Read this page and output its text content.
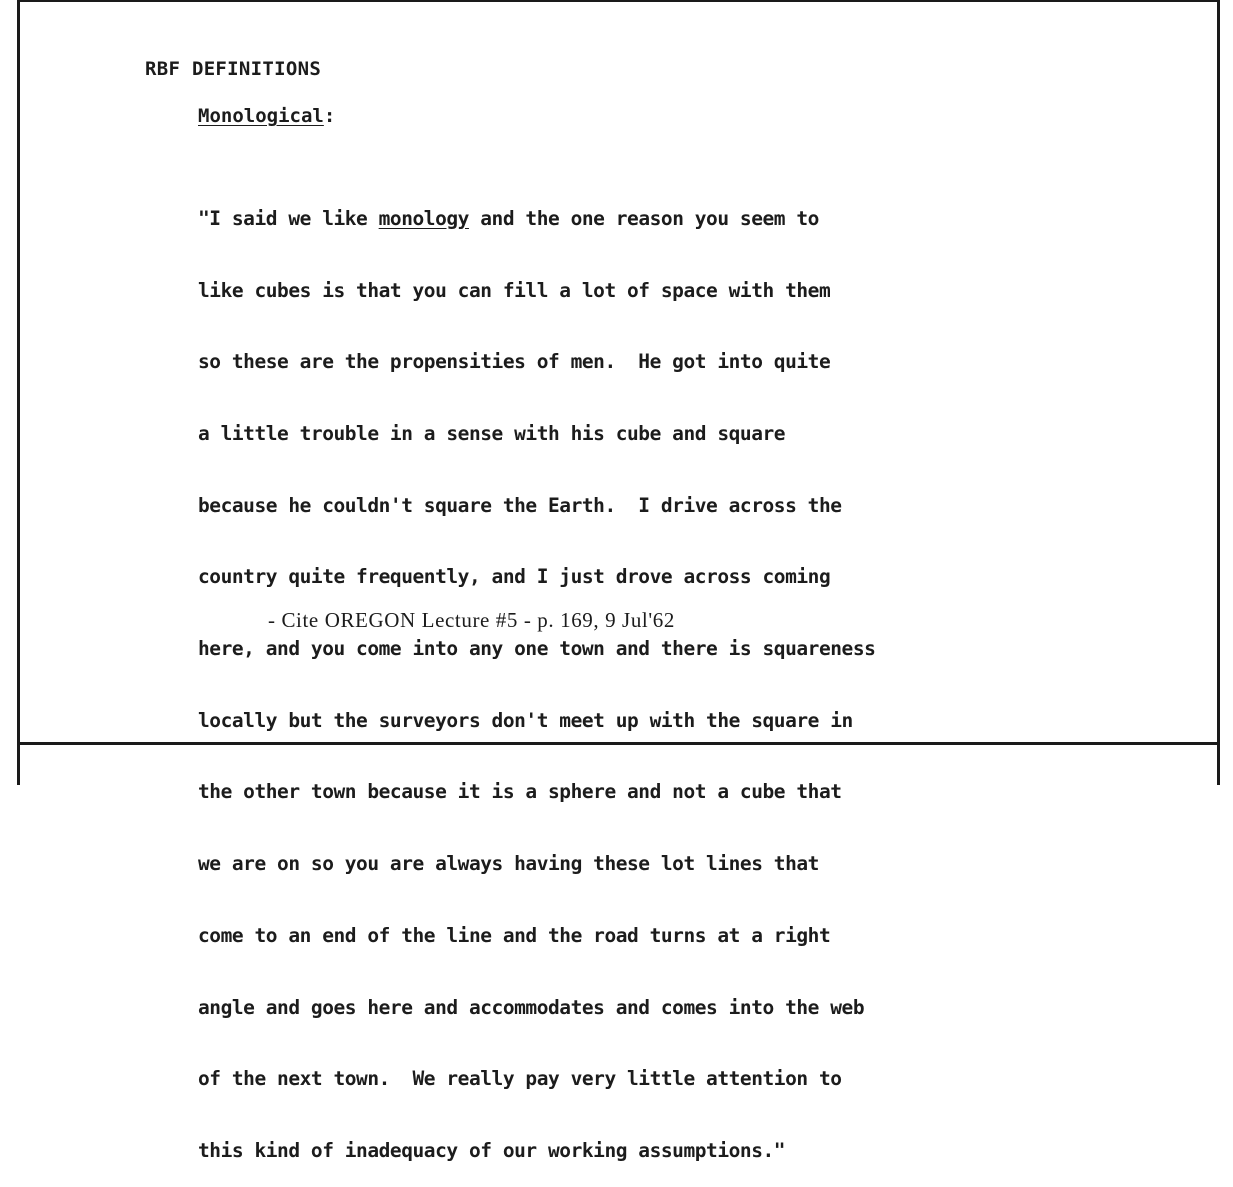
RBF DEFINITIONS
Monological:

"I said we like monology and the one reason you seem to

like cubes is that you can fill a lot of space with them

so these are the propensities of men.  He got into quite

a little trouble in a sense with his cube and square

because he couldn't square the Earth.  I drive across the

country quite frequently, and I just drove across coming

here, and you come into any one town and there is squareness

locally but the surveyors don't meet up with the square in

the other town because it is a sphere and not a cube that

we are on so you are always having these lot lines that

come to an end of the line and the road turns at a right

angle and goes here and accommodates and comes into the web

of the next town.  We really pay very little attention to

this kind of inadequacy of our working assumptions."

- Cite OREGON Lecture #5 - p. 169, 9 Jul'62
